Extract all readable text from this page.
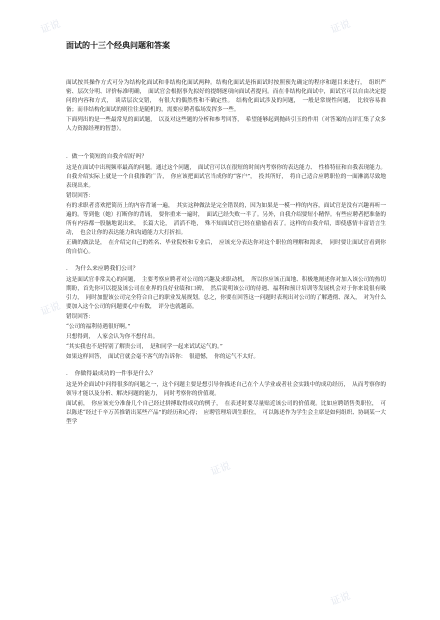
面试的十三个经典问题和答案

面试按其操作方式可分为结构化面试和非结构化面试两种。结构化面试是指面试时按照预先确定的程序和题目来进行，　组织严密、层次分明、评价标准明确，　面试官会根据事先拟好的提纲逐项向面试者提问。而在非结构化面试中，面试官可以自由决定提问的内容和方式，　谈话层次交错，　有很大的偶然性和不确定性。　结构化面试涉及的问题，　一般是常规性问题，　比较容易准备；而非结构化面试的则往往是随机的，需要应聘者临场发挥多一些。

下面列出的是一些最常见的面试题，　以及对这些题的分析和参考回答，　希望能够起到抛砖引玉的作用（对答案的点评汇集了众多人力资源经理的智慧）。

．做一个简短的自我介绍好吗？

这是在面试中出现频率最高的问题。通过这个问题，　面试官可以在很短的时间内考察你的表达能力、　性格特征和自我表现能力。自我介绍实际上就是一个自我推销广告，　你应该把面试官当成你的“客户”，　投其所好，　将自己适合应聘职位的一面淋漓尽致地表现出来。

错误回答：

有的求职者喜欢把简历上的内容背诵一遍，　其实这种做法是完全错误的，因为如果是一模一样的内容，面试官是没有兴趣再听一遍的。等到他（她）打断你的背诵，　要你重来一遍时，　面试已经失败一半了。另外，自我介绍要短小精悍。有些应聘者把准备的所有内容都一股脑地说出来，　长篇大论，　滔滔不绝，　殊不知面试官已经在偷偷看表了。这样的自我介绍，即使感情丰富语言生动，　也会让你的表达能力和沟通能力大打折扣。

正确的做法是，　在介绍完自己的姓名、毕业院校和专业后，　应该充分表达你对这个职位的理解和渴求，　同时要让面试官看到你的自信心。

．　为什么来应聘我们公司？

这是面试官非常关心的问题，　主要考察应聘者对公司的兴趣及求职动机，　所以你应该正面地、积极地阐述你对加入该公司的热切期盼，首先你可以提及该公司在业界的良好业绩和口碑，　然后说明该公司的待遇、福利和预计培训等发展机会对于你来说很有吸引力，　同时加盟该公司完全符合自己的职业发展规划。总之，你要在回答这一问题时表现出对公司的了解透彻、深入，　对为什么要加入这个公司的问题要心中有数，　评分也就越高。

错误回答：

“公司的福利待遇很好啊。”

只想得到，　人家会认为你不想付出。

“其实我也不是特别了解贵公司，　是和同学一起来试试运气的。”

如果这样回答，　面试官就会毫不客气的告诉你：　很遗憾，　你的运气不太好。

．　你做得最成功的一件事是什么？

这是外企面试中问得很多的问题之一，这个问题主要是想引导你描述自己在个人学业或者社会实践中的成功经历，　从而考察你的领导才能以及分析、解决问题的能力，　同时考察你的价值观。

面试前，　你应该充分准备几个自己经过拼搏取得成功的例子，　在表述时要尽量贴近该公司的价值观。比如应聘销售类职位，　可以陈述“经过千辛万苦推销出某些产品”的经历和心得；　应聘管理培训生职位，　可以陈述作为学生会主席是如何组织、协调某一大型学

证说	证说
证说
证说
证说
